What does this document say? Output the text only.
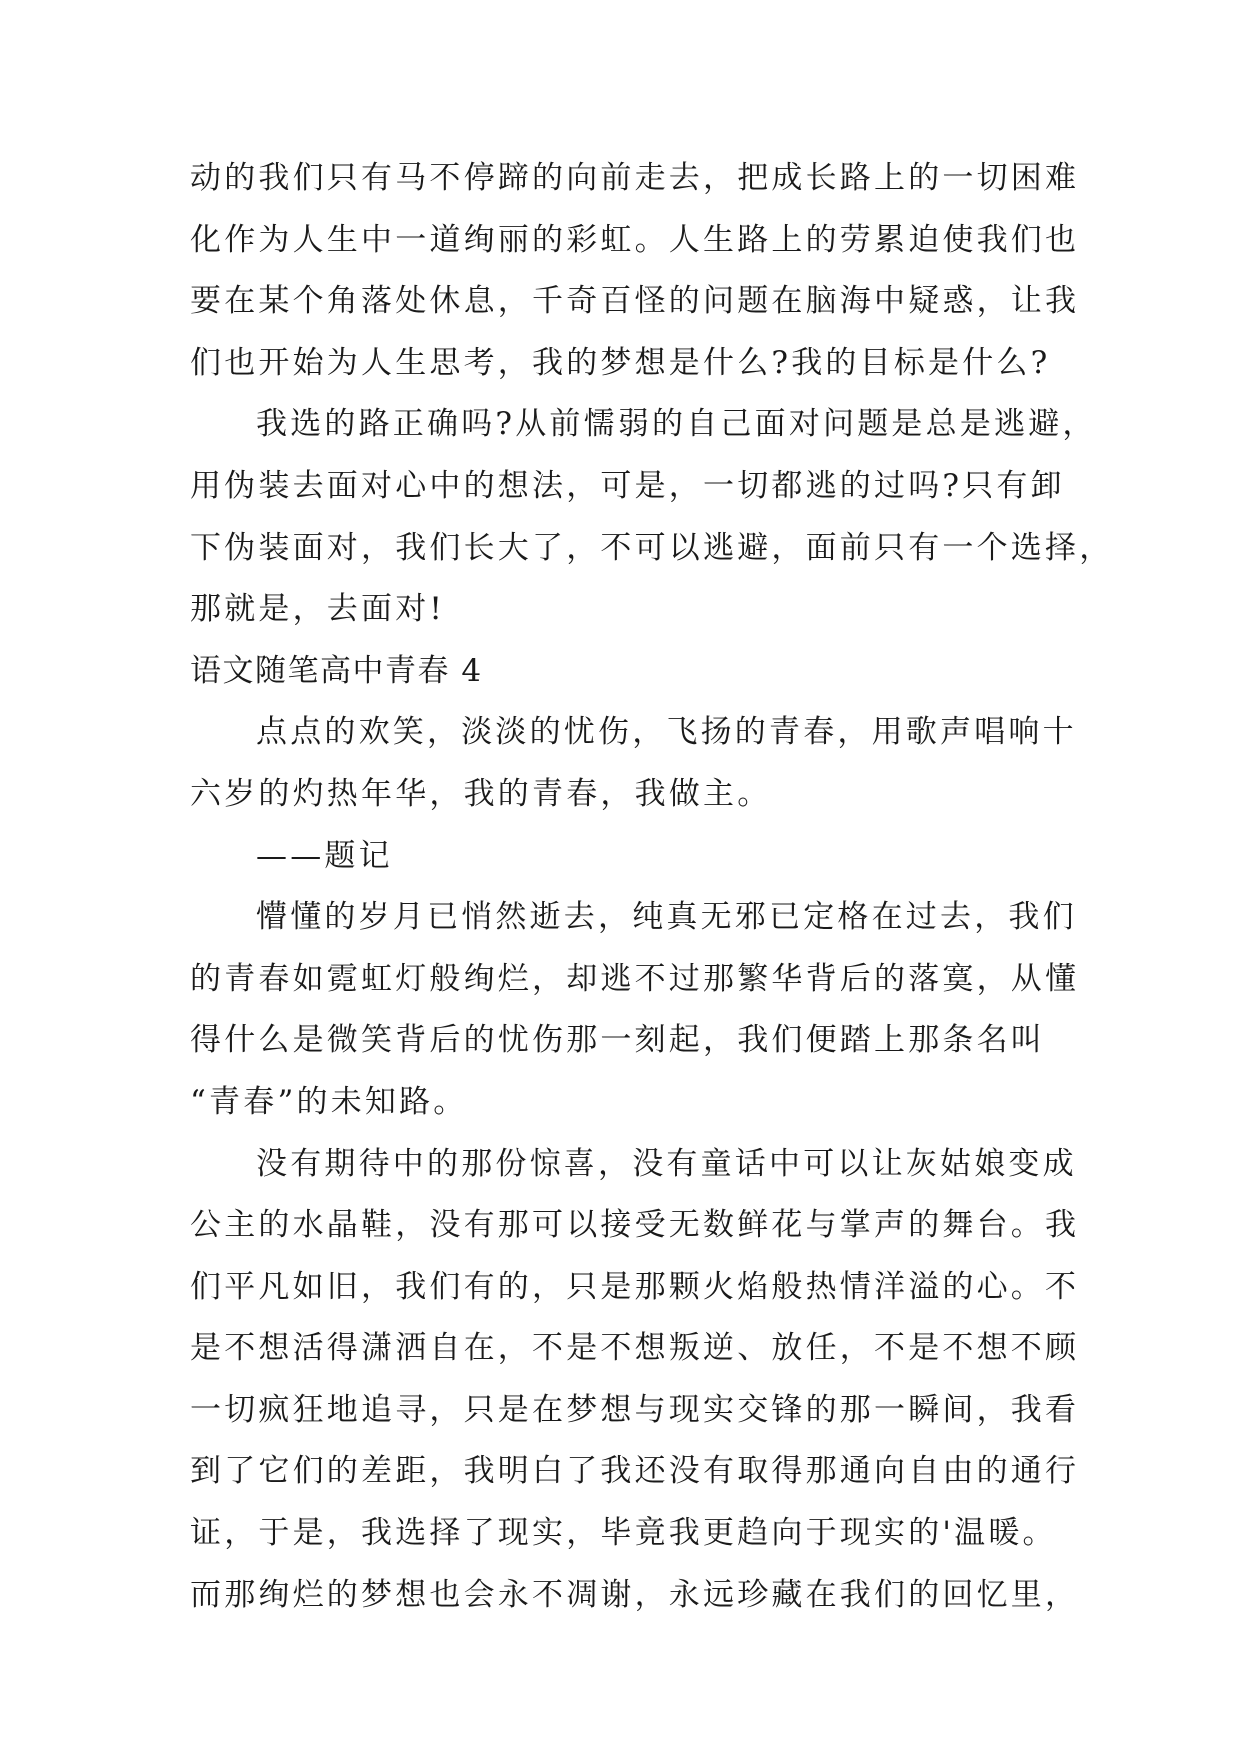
动的我们只有马不停蹄的向前走去，把成长路上的一切困难
化作为人生中一道绚丽的彩虹。人生路上的劳累迫使我们也
要在某个角落处休息，千奇百怪的问题在脑海中疑惑，让我
们也开始为人生思考，我的梦想是什么?我的目标是什么?
我选的路正确吗?从前懦弱的自己面对问题是总是逃避，
用伪装去面对心中的想法，可是，一切都逃的过吗?只有卸
下伪装面对，我们长大了，不可以逃避，面前只有一个选择，
那就是，去面对!
语文随笔高中青春 4
点点的欢笑，淡淡的忧伤，飞扬的青春，用歌声唱响十
六岁的灼热年华，我的青春，我做主。
——题记
懵懂的岁月已悄然逝去，纯真无邪已定格在过去，我们
的青春如霓虹灯般绚烂，却逃不过那繁华背后的落寞，从懂
得什么是微笑背后的忧伤那一刻起，我们便踏上那条名叫
“青春”的未知路。
没有期待中的那份惊喜，没有童话中可以让灰姑娘变成
公主的水晶鞋，没有那可以接受无数鲜花与掌声的舞台。我
们平凡如旧，我们有的，只是那颗火焰般热情洋溢的心。不
是不想活得潇洒自在，不是不想叛逆、放任，不是不想不顾
一切疯狂地追寻，只是在梦想与现实交锋的那一瞬间，我看
到了它们的差距，我明白了我还没有取得那通向自由的通行
证，于是，我选择了现实，毕竟我更趋向于现实的'温暖。
而那绚烂的梦想也会永不凋谢，永远珍藏在我们的回忆里，
